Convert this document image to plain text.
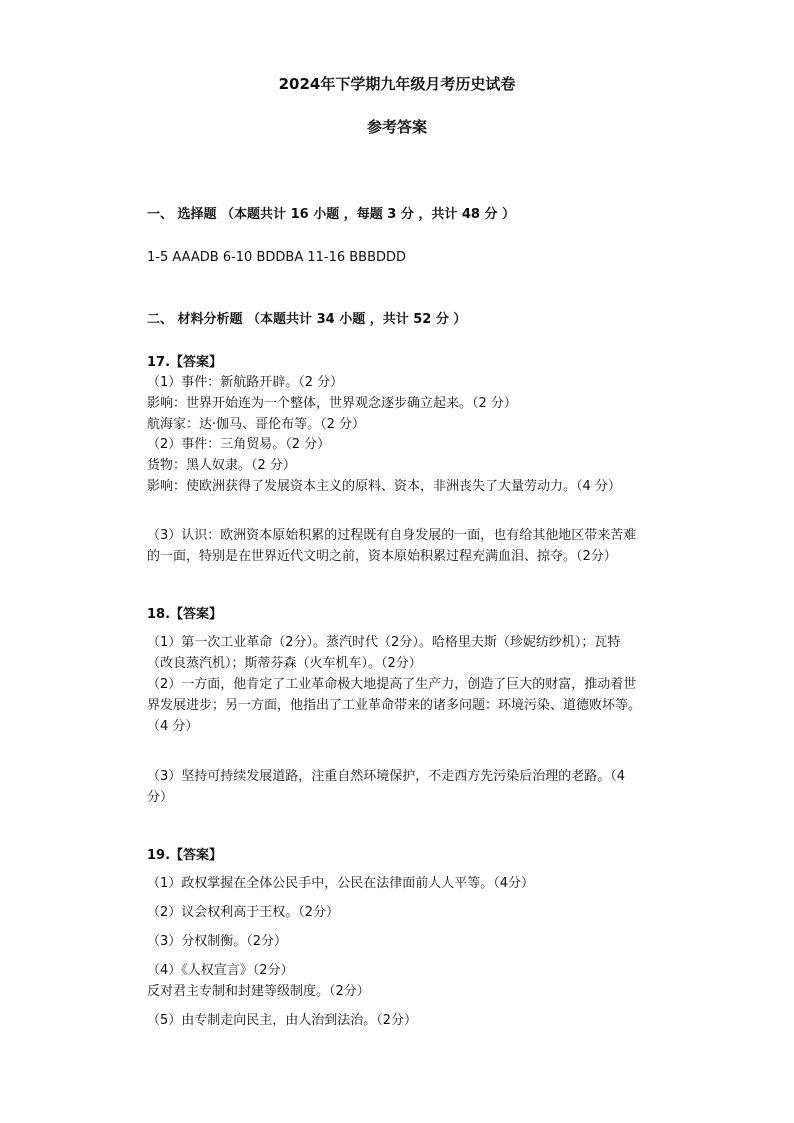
2024年下学期九年级月考历史试卷
参考答案

一、 选择题 （本题共计 16 小题 ，每题 3 分 ，共计 48 分 ）

1-5 AAADB 6-10 BDDBA 11-16 BBBDDD

二、 材料分析题 （本题共计 34 小题 ，共计 52 分 ）

17.【答案】

（1）事件：新航路开辟。（2 分）

影响：世界开始连为一个整体，世界观念逐步确立起来。（2 分）

航海家：达·伽马、哥伦布等。（2 分）

（2）事件：三角贸易。（2 分）

货物：黑人奴隶。（2 分）

影响：使欧洲获得了发展资本主义的原料、资本，非洲丧失了大量劳动力。（4 分）

（3）认识：欧洲资本原始积累的过程既有自身发展的一面，也有给其他地区带来苦难

的一面，特别是在世界近代文明之前，资本原始积累过程充满血泪、掠夺。（2分）

18.【答案】

（1）第一次工业革命（2分）。蒸汽时代（2分）。哈格里夫斯（珍妮纺纱机）；瓦特

（改良蒸汽机）；斯蒂芬森（火车机车）。（2分）

（2）一方面，他肯定了工业革命极大地提高了生产力，创造了巨大的财富，推动着世

界发展进步；另一方面，他指出了工业革命带来的诸多问题：环境污染、道德败坏等。

（4 分）

（3）坚持可持续发展道路，注重自然环境保护，不走西方先污染后治理的老路。（4

分）

19.【答案】

（1）政权掌握在全体公民手中，公民在法律面前人人平等。（4分）

（2）议会权利高于王权。（2分）

（3）分权制衡。（2分）

（4）《人权宣言》（2分）

反对君主专制和封建等级制度。（2分）

（5）由专制走向民主，由人治到法治。（2分）
